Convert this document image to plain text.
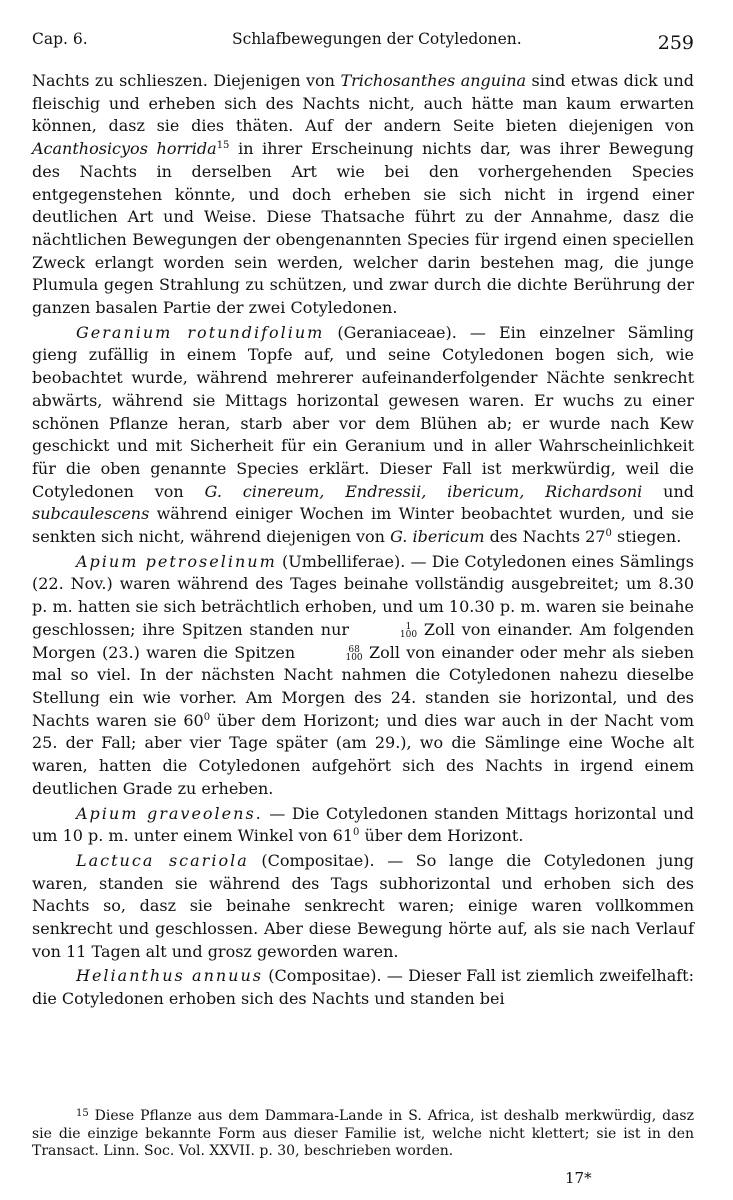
Cap. 6.	Schlafbewegungen der Cotyledonen.	259

Nachts zu schlieszen. Diejenigen von Trichosanthes anguina sind etwas dick und fleischig und erheben sich des Nachts nicht, auch hätte man kaum erwarten können, dasz sie dies thäten. Auf der andern Seite bieten diejenigen von Acanthosicyos horrida$^{15}$ in ihrer Erscheinung nichts dar, was ihrer Bewegung des Nachts in derselben Art wie bei den vorhergehenden Species entgegenstehen könnte, und doch erheben sie sich nicht in irgend einer deutlichen Art und Weise. Diese Thatsache führt zu der Annahme, dasz die nächtlichen Bewegungen der obengenannten Species für irgend einen speciellen Zweck erlangt worden sein werden, welcher darin bestehen mag, die junge Plumula gegen Strahlung zu schützen, und zwar durch die dichte Berührung der ganzen basalen Partie der zwei Cotyledonen.

Geranium rotundifolium (Geraniaceae). — Ein einzelner Sämling gieng zufällig in einem Topfe auf, und seine Cotyledonen bogen sich, wie beobachtet wurde, während mehrerer aufeinanderfolgender Nächte senkrecht abwärts, während sie Mittags horizontal gewesen waren. Er wuchs zu einer schönen Pflanze heran, starb aber vor dem Blühen ab; er wurde nach Kew geschickt und mit Sicherheit für ein Geranium und in aller Wahrscheinlichkeit für die oben genannte Species erklärt. Dieser Fall ist merkwürdig, weil die Cotyledonen von G. cinereum, Endressii, ibericum, Richardsoni und subcaulescens während einiger Wochen im Winter beobachtet wurden, und sie senkten sich nicht, während diejenigen von G. ibericum des Nachts $27^0$ stiegen.

Apium petroselinum (Umbelliferae). — Die Cotyledonen eines Sämlings (22. Nov.) waren während des Tages beinahe vollständig ausgebreitet; um 8.30 p. m. hatten sie sich beträchtlich erhoben, und um 10.30 p. m. waren sie beinahe geschlossen; ihre Spitzen standen nur	1
100 Zoll von einander. Am folgenden Morgen (23.) waren die Spitzen	68
100 Zoll von einander oder mehr als sieben mal so viel. In der nächsten Nacht nahmen die Cotyledonen nahezu dieselbe Stellung ein wie vorher. Am Morgen des 24. standen sie horizontal, und des Nachts waren sie $60^0$ über dem Horizont; und dies war auch in der Nacht vom 25. der Fall; aber vier Tage später (am 29.), wo die Sämlinge eine Woche alt waren, hatten die Cotyledonen aufgehört sich des Nachts in irgend einem deutlichen Grade zu erheben.

Apium graveolens. — Die Cotyledonen standen Mittags horizontal und um 10 p. m. unter einem Winkel von $61^0$ über dem Horizont.

Lactuca scariola (Compositae). — So lange die Cotyledonen jung waren, standen sie während des Tags subhorizontal und erhoben sich des Nachts so, dasz sie beinahe senkrecht waren; einige waren vollkommen senkrecht und geschlossen. Aber diese Bewegung hörte auf, als sie nach Verlauf von 11 Tagen alt und grosz geworden waren.

Helianthus annuus (Compositae). — Dieser Fall ist ziemlich zweifelhaft: die Cotyledonen erhoben sich des Nachts und standen bei

$^{15}$ Diese Pflanze aus dem Dammara-Lande in S. Africa, ist deshalb merkwürdig, dasz sie die einzige bekannte Form aus dieser Familie ist, welche nicht klettert; sie ist in den Transact. Linn. Soc. Vol. XXVII. p. 30, beschrieben worden.
17*
